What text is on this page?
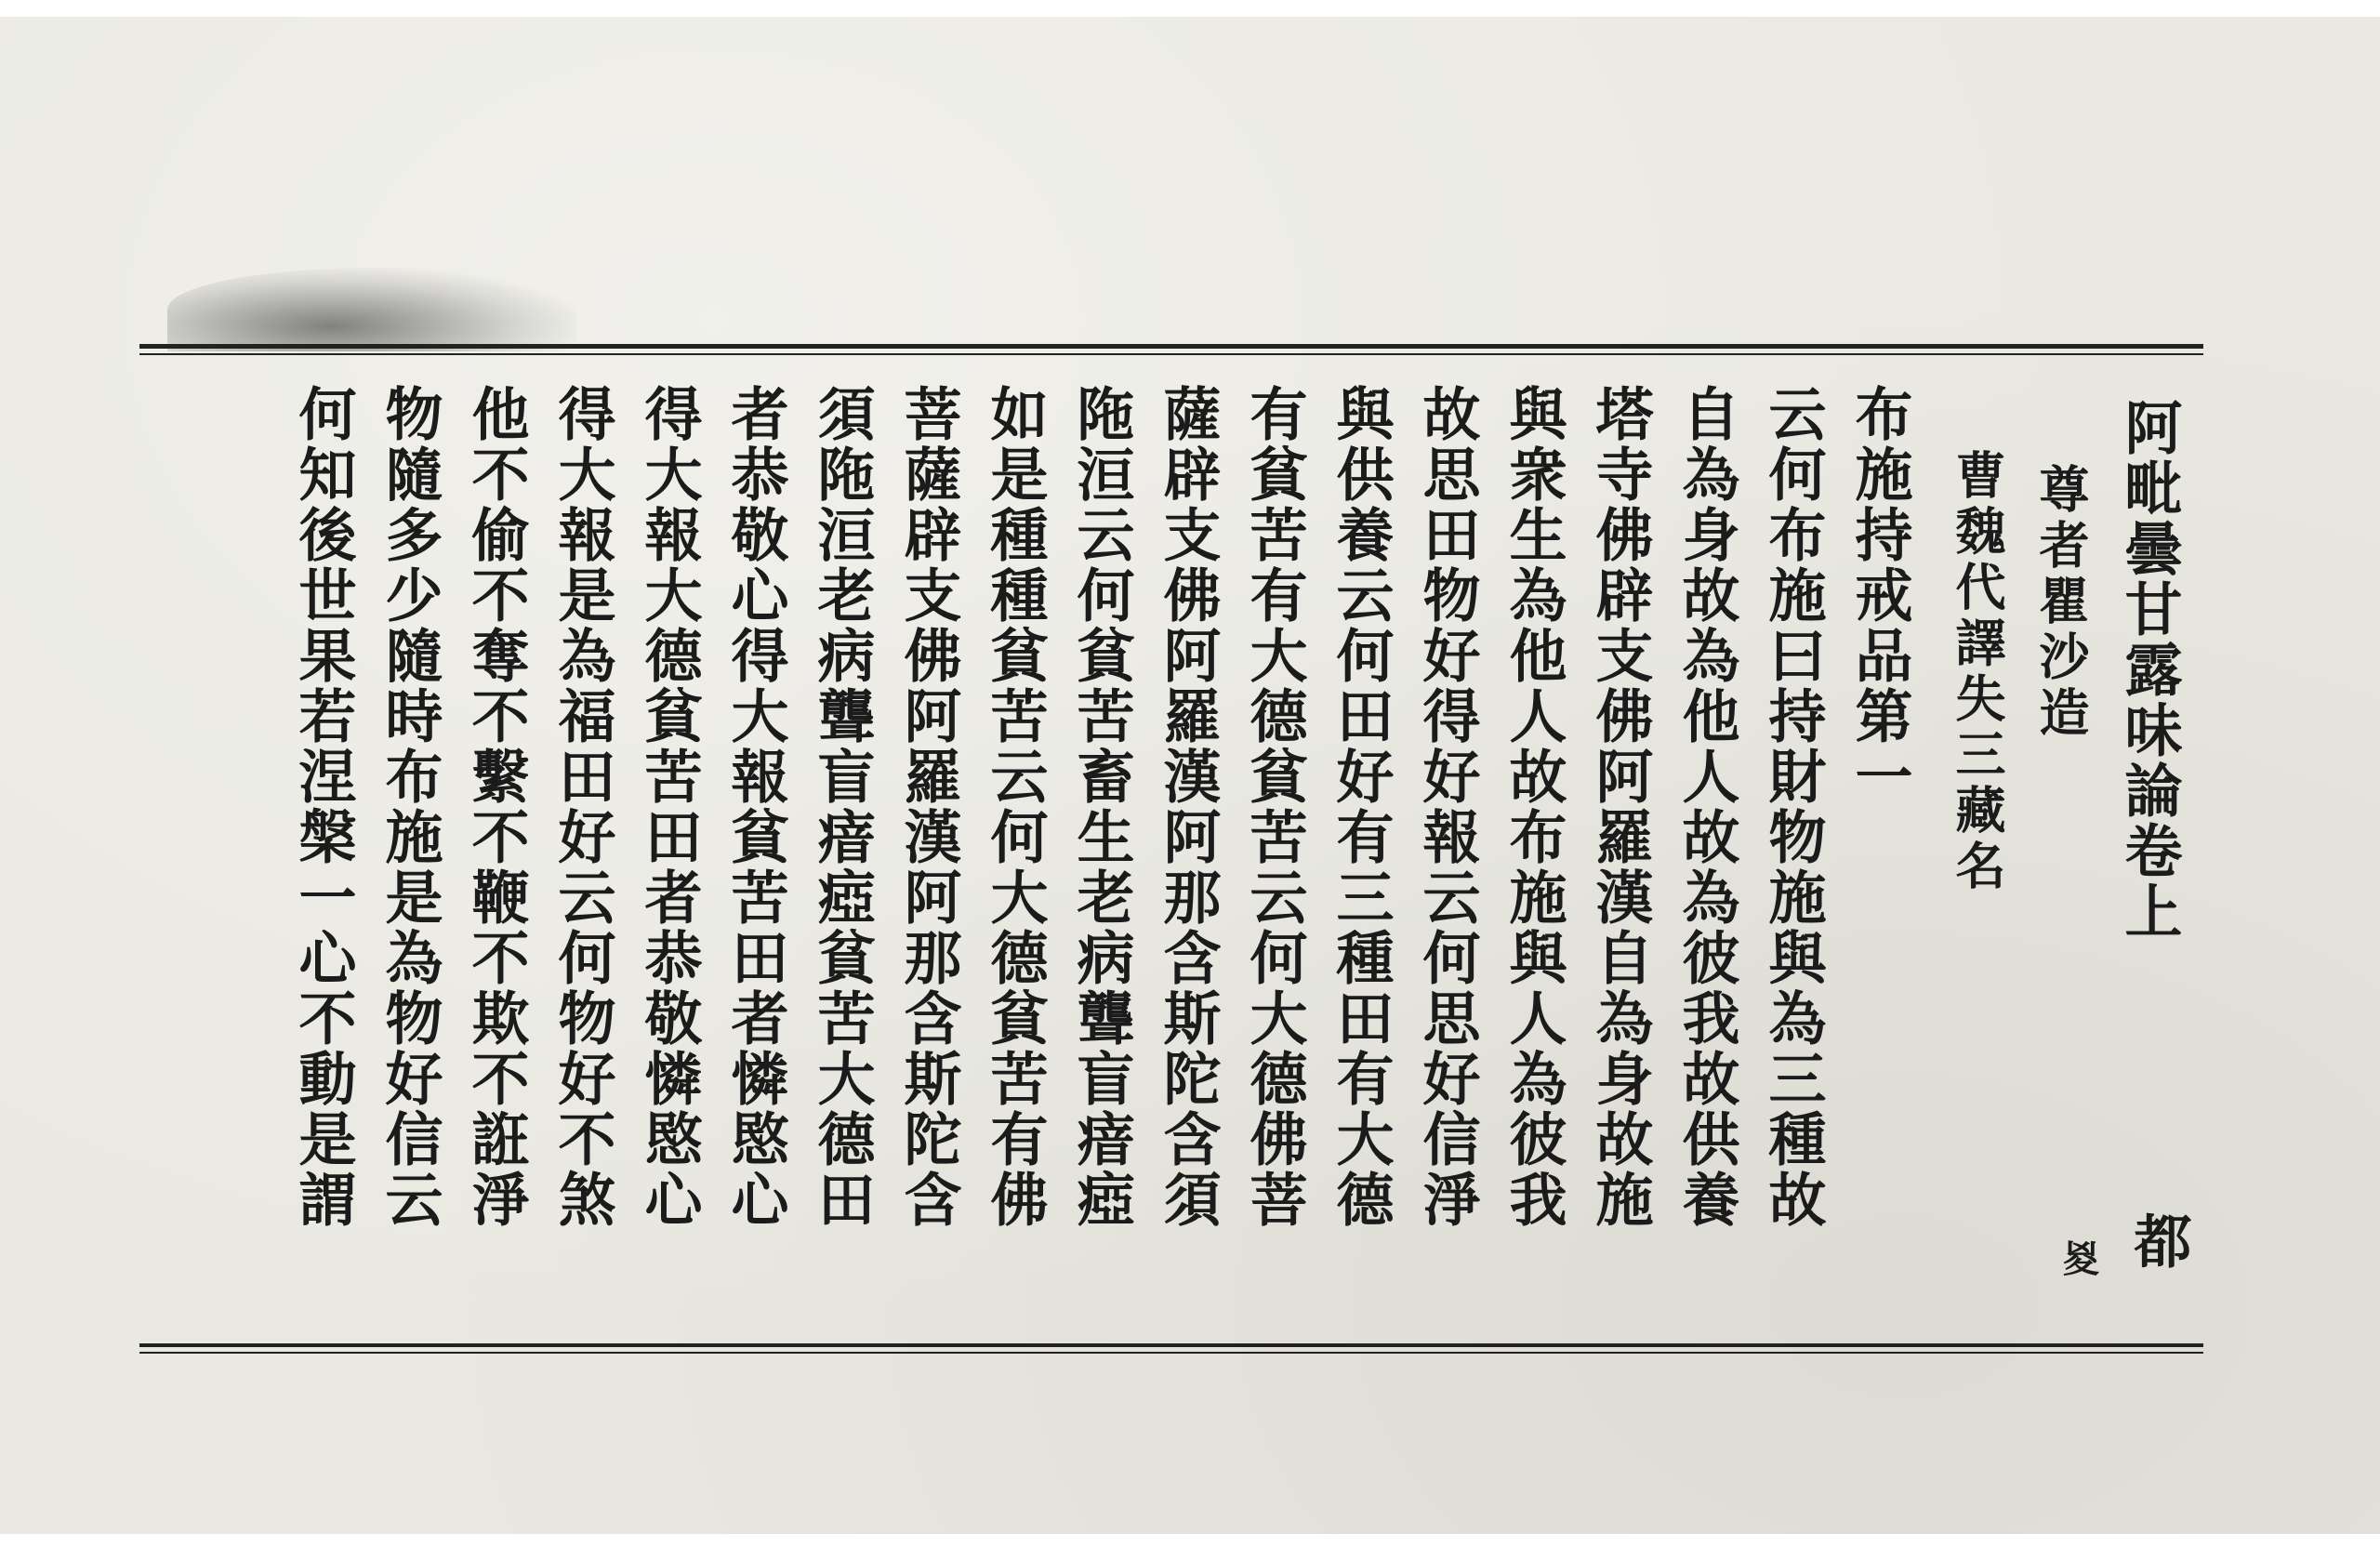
阿毗曇甘露味論卷上
尊者瞿沙造
曹魏代譯失三藏名
都
㚇
布施持戒品第一
云何布施曰持財物施與為三種故
自為身故為他人故為彼我故供養
塔寺佛辟支佛阿羅漢自為身故施
與衆生為他人故布施與人為彼我
故思田物好得好報云何思好信淨
與供養云何田好有三種田有大德
有貧苦有大德貧苦云何大德佛菩
薩辟支佛阿羅漢阿那含斯陀含須
陁洹云何貧苦畜生老病聾盲瘖瘂
如是種種貧苦云何大德貧苦有佛
菩薩辟支佛阿羅漢阿那含斯陀含
須陁洹老病聾盲瘖瘂貧苦大德田
者恭敬心得大報貧苦田者憐愍心
得大報大德貧苦田者恭敬憐愍心
得大報是為福田好云何物好不煞
他不偷不奪不繫不鞭不欺不誑淨
物隨多少隨時布施是為物好信云
何知後世果若涅槃一心不動是謂
